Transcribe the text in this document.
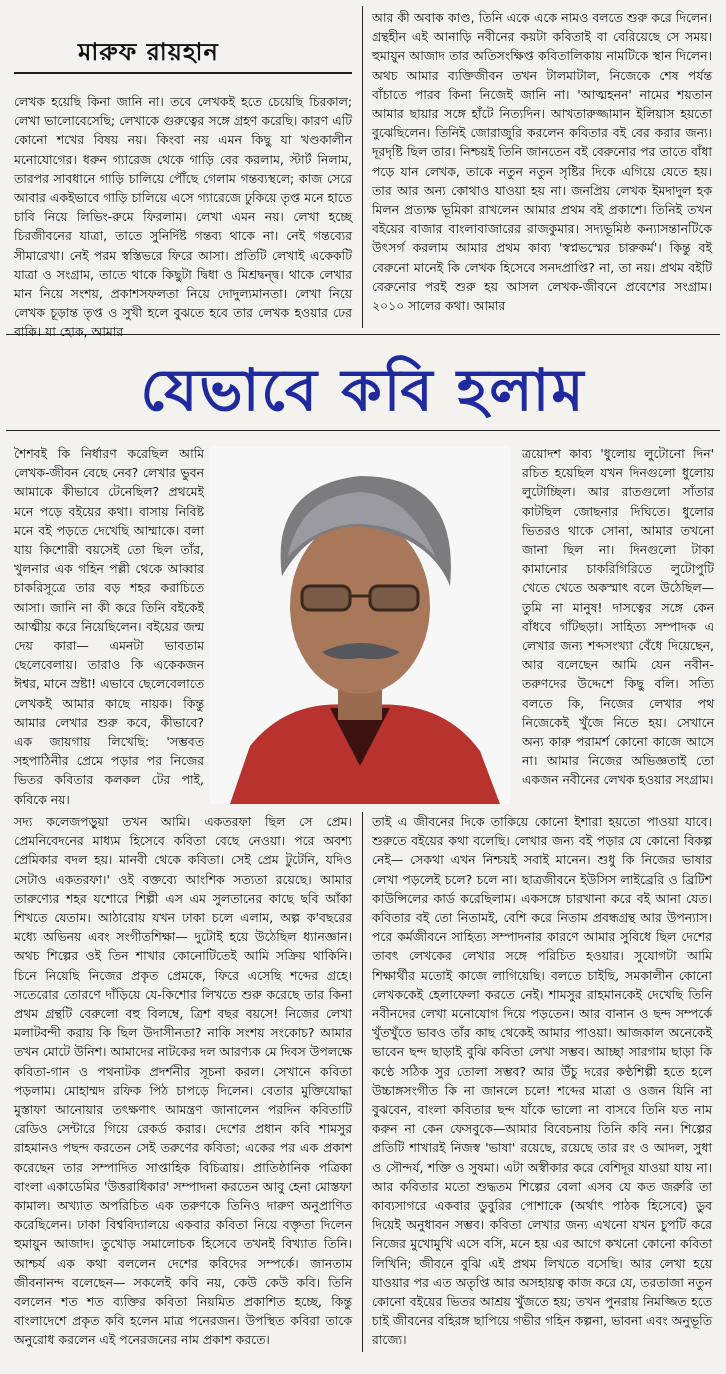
মারুফ রায়হান

লেখক হয়েছি কিনা জানি না। তবে লেখকই হতে চেয়েছি চিরকাল; লেখা ভালোবেসেছি; লেখাকে গুরুত্বের সঙ্গে গ্রহণ করেছি। কারণ এটি কোনো শখের বিষয় নয়। কিংবা নয় এমন কিছু যা খণ্ডকালীন মনোযোগের। ধরুন গ্যারেজ থেকে গাড়ি বের করলাম, স্টার্ট নিলাম, তারপর সাবধানে গাড়ি চালিয়ে পৌঁছে গেলাম গন্তব্যস্থলে; কাজ সেরে আবার একইভাবে গাড়ি চালিয়ে এসে গ্যারেজে ঢুকিয়ে তৃপ্ত মনে হাতে চাবি নিয়ে লিভিং-রুমে ফিরলাম। লেখা এমন নয়। লেখা হচ্ছে চিরজীবনের যাত্রা, তাতে সুনির্দিষ্ট গন্তব্য থাকে না। নেই গন্তব্যের সীমারেখা। নেই পরম স্বস্তিভরে ফিরে আসা। প্রতিটি লেখাই একেকটি যাত্রা ও সংগ্রাম, তাতে থাকে কিছুটা দ্বিধা ও মিশ্রদ্বন্দ্ব। থাকে লেখার মান নিয়ে সংশয়, প্রকাশসফলতা নিয়ে দোদুল্যমানতা। লেখা নিয়ে লেখক চূড়ান্ত তৃপ্ত ও সুখী হলে বুঝতে হবে তার লেখক হওয়ার ঢের বাকি। যা হোক, আমার

আর কী অবাক কাণ্ড, তিনি একে একে নামও বলতে শুরু করে দিলেন। গ্রন্থহীন এই আনাড়ি নবীনের কয়টা কবিতাই বা বেরিয়েছে সে সময়। হুমায়ুন আজাদ তার অতিসংক্ষিপ্ত কবিতালিকায় নামটিকে স্থান দিলেন। অথচ আমার ব্যক্তিজীবন তখন টালমাটাল, নিজেকে শেষ পর্যন্ত বাঁচাতে পারব কিনা নিজেই জানি না। 'আত্মহনন' নামের শয়তান আমার ছায়ার সঙ্গে হাঁটে নিত্যদিন। আখতারুজ্জামান ইলিয়াস হয়তো বুঝেছিলেন। তিনিই জোরাজুরি করলেন কবিতার বই বের করার জন্য। দূরদৃষ্টি ছিল তার। নিশ্চয়ই তিনি জানতেন বই বেরুনোর পর তাতে বাঁধা পড়ে যান লেখক, তাকে নতুন নতুন সৃষ্টির দিকে এগিয়ে যেতে হয়। তার আর অন্য কোথাও যাওয়া হয় না। জনপ্রিয় লেখক ইমদাদুল হক মিলন প্রত্যক্ষ ভূমিকা রাখলেন আমার প্রথম বই প্রকাশে। তিনিই তখন বইয়ের বাজার বাংলাবাজারের রাজকুমার। সদ্যভূমিষ্ঠ কন্যাসন্তানটিকে উৎসর্গ করলাম আমার প্রথম কাব্য 'স্বপ্নভস্মের চারুকর্ম'। কিন্তু বই বেরুনো মানেই কি লেখক হিসেবে সনদপ্রাপ্তি? না, তা নয়। প্রথম বইটি বেরুনোর পরই শুরু হয় আসল লেখক-জীবনে প্রবেশের সংগ্রাম। ২০১০ সালের কথা। আমার

যেভাবে কবি হলাম

শৈশবই কি নির্ধারণ করেছিল আমি লেখক-জীবন বেছে নেব? লেখার ভুবন আমাকে কীভাবে টেনেছিল? প্রথমেই মনে পড়ে বইয়ের কথা। বাসায় নিবিষ্ট মনে বই পড়তে দেখেছি আম্মাকে। বলা যায় কিশোরী বয়সেই তো ছিল তাঁর, খুলনার এক গহিন পল্লী থেকে আব্বার চাকরিসূত্রে তার বড় শহর করাচিতে আসা। জানি না কী করে তিনি বইকেই আত্মীয় করে নিয়েছিলেন। বইয়ের জন্ম দেয় কারা— এমনটা ভাবতাম ছেলেবেলায়। তারাও কি একেকজন ঈশ্বর, মানে স্রষ্টা! এভাবে ছেলেবেলাতে লেখকই আমার কাছে নায়ক। কিন্তু আমার লেখার শুরু কবে, কীভাবে? এক জায়গায় লিখেছি: 'সম্ভবত সহপাঠিনীর প্রেমে পড়ার পর নিজের ভিতর কবিতার কলকল টের পাই, কবিকে নয়।

ত্রয়োদশ কাব্য 'ধুলোয় লুটোনো দিন' রচিত হয়েছিল যখন দিনগুলো ধুলোয় লুটোচ্ছিল। আর রাতগুলো সাঁতার কাটছিল জোছনার দিঘিতে। ধুলোর ভিতরও থাকে সোনা, আমার তখনো জানা ছিল না। দিনগুলো টাকা কামানোর চাকরিগিরিতে লুটোপুটি খেতে খেতে অকস্মাৎ বলে উঠেছিল— তুমি না মানুষ! দাসত্বের সঙ্গে কেন বাঁধবে গাঁটছড়া। সাহিত্য সম্পাদক এ লেখার জন্য শব্দসংখ্যা বেঁধে দিয়েছেন, আর বলেছেন আমি যেন নবীন-তরুণদের উদ্দেশে কিছু বলি। সত্যি বলতে কি, নিজের লেখার পথ নিজেকেই খুঁজে নিতে হয়। সেখানে অন্য কারু পরামর্শ কোনো কাজে আসে না। আমার নিজের অভিজ্ঞতাই তো একজন নবীনের লেখক হওয়ার সংগ্রাম।

সদ্য কলেজপড়ুয়া তখন আমি। একতরফা ছিল সে প্রেম। প্রেমনিবেদনের মাধ্যম হিসেবে কবিতা বেছে নেওয়া। পরে অবশ্য প্রেমিকার বদল হয়। মানবী থেকে কবিতা। সেই প্রেম টুটেনি, যদিও সেটাও একতরফা।' ওই বক্তব্যে আংশিক সত্যতা রয়েছে। আমার তারুণ্যের শহর যশোরে শিল্পী এস এম সুলতানের কাছে ছবি আঁকা শিখতে যেতাম। আঠারোয় যখন ঢাকা চলে এলাম, অল্প ক'বছরের মধ্যে অভিনয় এবং সংগীতশিক্ষা— দুটোই হয়ে উঠেছিল ধ্যানজ্ঞান। অথচ শিল্পের ওই তিন শাখার কোনোটিতেই আমি সক্রিয় থাকিনি। চিনে নিয়েছি নিজের প্রকৃত প্রেমকে, ফিরে এসেছি শব্দের গ্রহে। সতেরোর তোরণে দাঁড়িয়ে যে-কিশোর লিখতে শুরু করেছে তার কিনা প্রথম গ্রন্থটি বেরুলো বহু বিলম্বে, ত্রিশ বছর বয়সে! নিজের লেখা মলাটবন্দী করায় কি ছিল উদাসীনতা? নাকি সংশয় সংকোচ? আমার তখন মোটে উনিশ। আমাদের নাটকের দল আরণ্যক মে দিবস উপলক্ষে কবিতা-গান ও পথনাটক প্রদর্শনীর সূচনা করল। সেখানে কবিতা পড়লাম। মোহাম্মদ রফিক পিঠ চাপড়ে দিলেন। বেতার মুক্তিযোদ্ধা মুস্তাফা আনোয়ার তৎক্ষণাৎ আমন্ত্রণ জানালেন পরদিন কবিতাটি রেডিও সেন্টারে গিয়ে রেকর্ড করার। দেশের প্রধান কবি শামসুর রাহমানও পছন্দ করতেন সেই তরুণের কবিতা; একের পর এক প্রকাশ করেছেন তার সম্পাদিত সাপ্তাহিক বিচিত্রায়। প্রাতিষ্ঠানিক পত্রিকা বাংলা একাডেমির 'উত্তরাধিকার' সম্পাদনা করতেন আবু হেনা মোস্তফা কামাল। অখ্যাত অপরিচিত এক তরুণকে তিনিও দারুণ অনুপ্রাণিত করেছিলেন। ঢাকা বিশ্ববিদ্যালয়ে একবার কবিতা নিয়ে বক্তৃতা দিলেন হুমায়ুন আজাদ। তুখোড় সমালোচক হিসেবে তখনই বিখ্যাত তিনি। আশ্চর্য এক কথা বললেন দেশের কবিদের সম্পর্কে। জানতাম জীবনানন্দ বলেছেন— সকলেই কবি নয়, কেউ কেউ কবি। তিনি বললেন শত শত ব্যক্তির কবিতা নিয়মিত প্রকাশিত হচ্ছে, কিন্তু বাংলাদেশে প্রকৃত কবি হলেন মাত্র পনেরজন। উপস্থিত কবিরা তাকে অনুরোধ করলেন এই পনেরজনের নাম প্রকাশ করতে।

তাই এ জীবনের দিকে তাকিয়ে কোনো ইশারা হয়তো পাওয়া যাবে। শুরুতে বইয়ের কথা বলেছি। লেখার জন্য বই পড়ার যে কোনো বিকল্প নেই— সেকথা এখন নিশ্চয়ই সবাই মানেন। শুধু কি নিজের ভাষার লেখা পড়লেই চলে? চলে না। ছাত্রজীবনে ইউসিস লাইব্রেরি ও ব্রিটিশ কাউন্সিলের কার্ড করেছিলাম। একসঙ্গে চারখানা করে বই আনা যেত। কবিতার বই তো নিতামই, বেশি করে নিতাম প্রবন্ধগ্রন্থ আর উপন্যাস। পরে কর্মজীবনে সাহিত্য সম্পাদনার কারণে আমার সুবিধে ছিল দেশের তাবৎ লেখকের লেখার সঙ্গে পরিচিত হওয়ার। সুযোগটা আমি শিক্ষার্থীর মতোই কাজে লাগিয়েছি। বলতে চাইছি, সমকালীন কোনো লেখককেই হেলাফেলা করতে নেই। শামসুর রাহমানকেই দেখেছি তিনি নবীনদের লেখা মনোযোগ দিয়ে পড়তেন। আর বানান ও ছন্দ সম্পর্কে খুঁতখুঁতে ভাবও তাঁর কাছ থেকেই আমার পাওয়া। আজকাল অনেকেই ভাবেন ছন্দ ছাড়াই বুঝি কবিতা লেখা সম্ভব। আচ্ছা সারগাম ছাড়া কি কণ্ঠে সঠিক সুর তোলা সম্ভব? আর উঁচু দরের কণ্ঠশিল্পী হতে হলে উচ্চাঙ্গসংগীত কি না জানলে চলে! শব্দের মাত্রা ও ওজন যিনি না বুঝবেন, বাংলা কবিতার ছন্দ যাঁকে ভালো না বাসবে তিনি যত নাম করুন না কেন ফেসবুকে—আমার বিবেচনায় তিনি কবি নন। শিল্পের প্রতিটি শাখারই নিজস্ব 'ভাষা' রয়েছে, রয়েছে তার রং ও আদল, সুধা ও সৌন্দর্য, শক্তি ও সুষমা। এটা অস্বীকার করে বেশিদূর যাওয়া যায় না। আর কবিতার মতো শুদ্ধতম শিল্পের বেলা এসব যে কত জরুরি তা কাব্যসাগরে একবার ডুবুরির পোশাকে (অর্থাৎ পাঠক হিসেবে) ডুব দিয়েই অনুধাবন সম্ভব। কবিতা লেখার জন্য এখনো যখন চুপটি করে নিজের মুখোমুখি এসে বসি, মনে হয় এর আগে কখনো কোনো কবিতা লিখিনি; জীবনে বুঝি এই প্রথম লিখতে বসেছি। আর লেখা হয়ে যাওয়ার পর এত অতৃপ্তি আর অসহায়ত্ব কাজ করে যে, তরতাজা নতুন কোনো বইয়ের ভিতর আশ্রয় খুঁজতে হয়; তখন পুনরায় নিমজ্জিত হতে চাই জীবনের বহিরঙ্গ ছাপিয়ে গভীর গহিন কল্পনা, ভাবনা এবং অনুভূতি রাজ্যে।
